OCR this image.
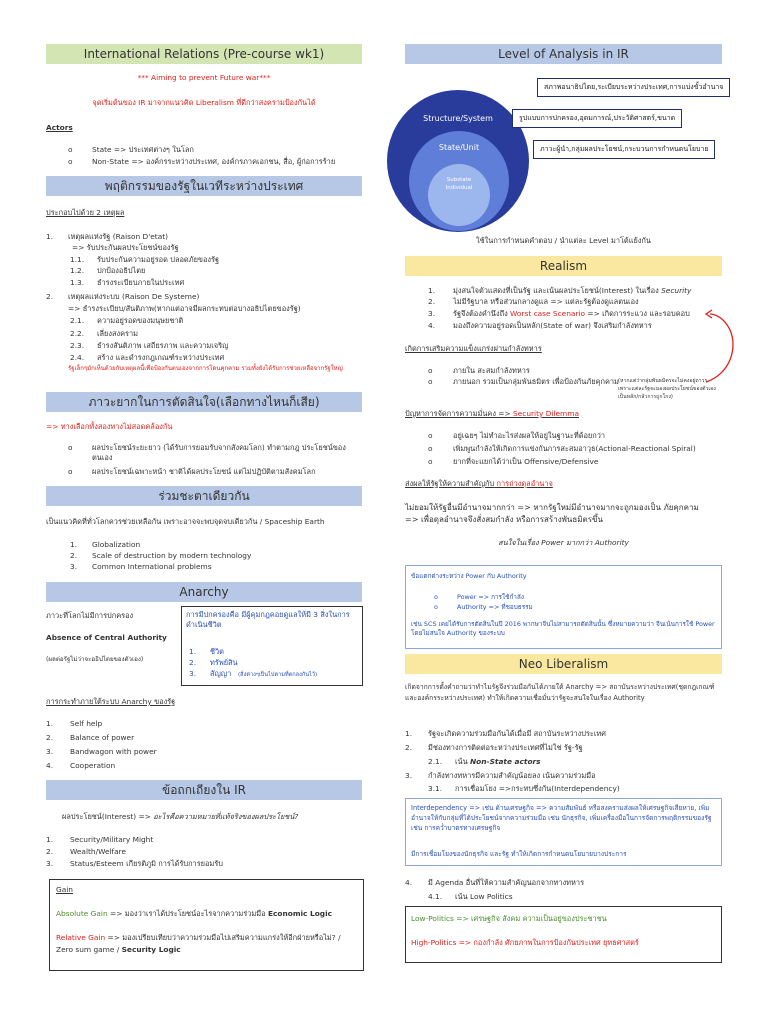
International Relations (Pre-course wk1)
*** Aiming to prevent Future war***
จุดเริ่มต้นของ IR มาจากแนวคิด Liberalism ที่ดีกว่าสงครามป้องกันได้
Actors
o	State => ประเทศต่างๆ ในโลก
o	Non-State => องค์กรระหว่างประเทศ, องค์กรภาคเอกชน, สื่อ, ผู้ก่อการร้าย
พฤติกรรมของรัฐในเวทีระหว่างประเทศ
ประกอบไปด้วย 2 เหตุผล
1. เหตุผลแห่งรัฐ (Raison D'etat)
=> รับประกันผลประโยชน์ของรัฐ
1.1. รับประกันความอยู่รอด ปลอดภัยของรัฐ
1.2. ปกป้องอธิปไตย
1.3. ธำรงระเบียบภายในประเทศ
2. เหตุผลแห่งระบบ (Raison De Systeme)
=> ธำรงระเบียบ/สันติภาพ(หากแต่อาจมีผลกระทบต่อบางอธิปไตยของรัฐ)
2.1. ความอยู่รอดของมนุษยชาติ
2.2. เลี่ยงสงคราม
2.3. ธำรงสันติภาพ เสถียรภาพ และความเจริญ
2.4. สร้าง และดำรงกฎเกณฑ์ระหว่างประเทศ
รัฐเล็กๆมักเห็นด้วยกับเหตุผลนี้เพื่อป้องกันตนเองจากการโดนคุกคาม รวมทั้งยังได้รับการช่วยเหลือจากรัฐใหญ่
ภาวะยากในการตัดสินใจ(เลือกทางไหนก็เสีย)
=> ทางเลือกทั้งสองทางไม่สอดคล้องกัน
o	ผลประโยชน์ระยะยาว (ได้รับการยอมรับจากสังคมโลก) ทำตามกฎ ประโยชน์ของตนเอง
o	ผลประโยชน์เฉพาะหน้า ชาติได้ผลประโยชน์ แต่ไม่ปฏิบัติตามสังคมโลก
ร่วมชะตาเดียวกัน
เป็นแนวคิดที่ทั่วโลกควรช่วยเหลือกัน เพราะอาจจะพบจุดจบเดียวกัน / Spaceship Earth
1. Globalization
2. Scale of destruction by modern technology
3. Common International problems
Anarchy
ภาวะที่โลกไม่มีการปกครอง
Absence of Central Authority
(ผลต่อรัฐไม่ว่าจะอธิปไตยของตัวเอง)
การมีปกครองคือ มีผู้คุมกฎคอยดูแลให้มี 3 สิ่งในการดำเนินชีวิต
1. ชีวิต
2. ทรัพย์สิน
3. สัญญา (สิ่งต่างๆเป็นไปตามที่ตกลงกันไว้)
การกระทำภายใต้ระบบ Anarchy ของรัฐ
1. Self help
2. Balance of power
3. Bandwagon with power
4. Cooperation
ข้อถกเถียงใน IR
ผลประโยชน์(Interest) => อะไรคือความหมายที่แท้จริงของผลประโยชน์?
1. Security/Military Might
2. Wealth/Welfare
3. Status/Esteem เกียรติภูมิ การได้รับการยอมรับ
Gain
Absolute Gain => มองว่าเราได้ประโยชน์อะไรจากความร่วมมือ Economic Logic
Relative Gain => มองเปรียบเทียบว่าความร่วมมือไปเสริมความแกร่งให้อีกฝ่ายหรือไม่? / Zero sum game / Security Logic
Level of Analysis in IR
Structure/System
State/Unit
Substate
Individual
สภาพอนาธิปไตย,ระเบียบระหว่างประเทศ,การแบ่งขั้วอำนาจ
รูปแบบการปกครอง,อุดมการณ์,ประวัติศาสตร์,ขนาด
ภาวะผู้นำ,กลุ่มผลประโยชน์,กระบวนการกำหนดนโยบาย
ใช้ในการกำหนดคำตอบ / นำแต่ละ Level มาโต้แย้งกัน
Realism
1. มุ่งสนใจตัวแสดงที่เป็นรัฐ และเน้นผลประโยชน์(Interest) ในเรื่อง Security
2. ไม่มีรัฐบาล หรือส่วนกลางดูแล => แต่ละรัฐต้องดูแลตนเอง
3. รัฐจึงต้องคำนึงถึง Worst case Scenario => เกิดการระแวง และรอบคอบ
4. มองถึงความอยู่รอดเป็นหลัก(State of war) จึงเสริมกำลังทหาร
เกิดการเสริมความแข็งแกร่งผ่านกำลังทหาร
o	ภายใน สะสมกำลังทหาร
o	ภายนอก รวมเป็นกลุ่มพันธมิตร เพื่อป้องกันภัยคุกคาม (หากแต่ว่ากลุ่มพันธมิตรจะไม่คงอยู่ถาวร เพราะแต่ละรัฐจะมองผลประโยชน์ของตัวเองเป็นหลัก/กลัวการถูกโกง)
ปัญหาการจัดการความมั่นคง => Security Dilemma
o	อยู่เฉยๆ ไม่ทำอะไรส่งผลให้อยู่ในฐานะที่ด้อยกว่า
o	เพิ่มพูนกำลังให้เกิดการแข่งกันการสะสมอาวุธ(Actional-Reactional Spiral)
o	ยากที่จะแยกได้ว่าเป็น Offensive/Defensive
ส่งผลให้รัฐให้ความสำคัญกับ การถ่วงดุลอำนาจ
ไม่ยอมให้รัฐอื่นมีอำนาจมากกว่า => หากรัฐใหม่มีอำนาจมากจะถูกมองเป็น ภัยคุกคาม => เพื่อดุลอำนาจจึงสั่งสมกำลัง หรือการสร้างพันธมิตรขึ้น
สนใจในเรื่อง Power มากกว่า Authority
ข้อแตกต่างระหว่าง Power กับ Authority
o	Power => การใช้กำลัง
o	Authority => ที่ชอบธรรม
เช่น SCS เคยได้รับการตัดสินในปี 2016 พากษาจีนไม่สามารถตัดสินนั้น ซึ่งหมายความว่า จีนเน้นการใช้ Power โดยไม่สนใจ Authority ของระบบ
Neo Liberalism
เกิดจากการตั้งคำถามว่าทำไมรัฐจึงร่วมมือกันได้ภายใต้ Anarchy => สถาบันระหว่างประเทศ(ชุดกฎเกณฑ์ และองค์กรระหว่างประเทศ) ทำให้เกิดความเชื่อมั่นว่ารัฐจะสนใจในเรื่อง Authority
1. รัฐจะเกิดความร่วมมือกันได้เมื่อมี สถาบันระหว่างประเทศ
2. มีช่องทางการติดต่อระหว่างประเทศที่ไม่ใช่ รัฐ-รัฐ
2.1. เน้น Non-State actors
3. กำลังทางทหารมีความสำคัญน้อยลง เน้นความร่วมมือ
3.1. การเชื่อมโยง =>กระทบซึ่งกัน(Interdependency)
Interdependency => เช่น ด้านเศรษฐกิจ => ความสัมพันธ์ หรือสงครามส่งผลให้เศรษฐกิจเสียหาย, เพิ่มอำนาจให้กับกลุ่มที่ได้ประโยชน์จากความร่วมมือ เช่น นักธุรกิจ, เพิ่มเครื่องมือในการจัดการพฤติกรรมของรัฐ เช่น การคว่ำบาตรทางเศรษฐกิจ
มีการเชื่อมโยงของนักธุรกิจ และรัฐ ทำให้เกิดการกำหนดนโยบายบางประการ
4. มี Agenda อื่นที่ให้ความสำคัญนอกจากทางทหาร
4.1. เน้น Low Politics
Low-Politics => เศรษฐกิจ สังคม ความเป็นอยู่ของประชาชน
High-Politics => กองกำลัง ศักยภาพในการป้องกันประเทศ ยุทธศาสตร์
